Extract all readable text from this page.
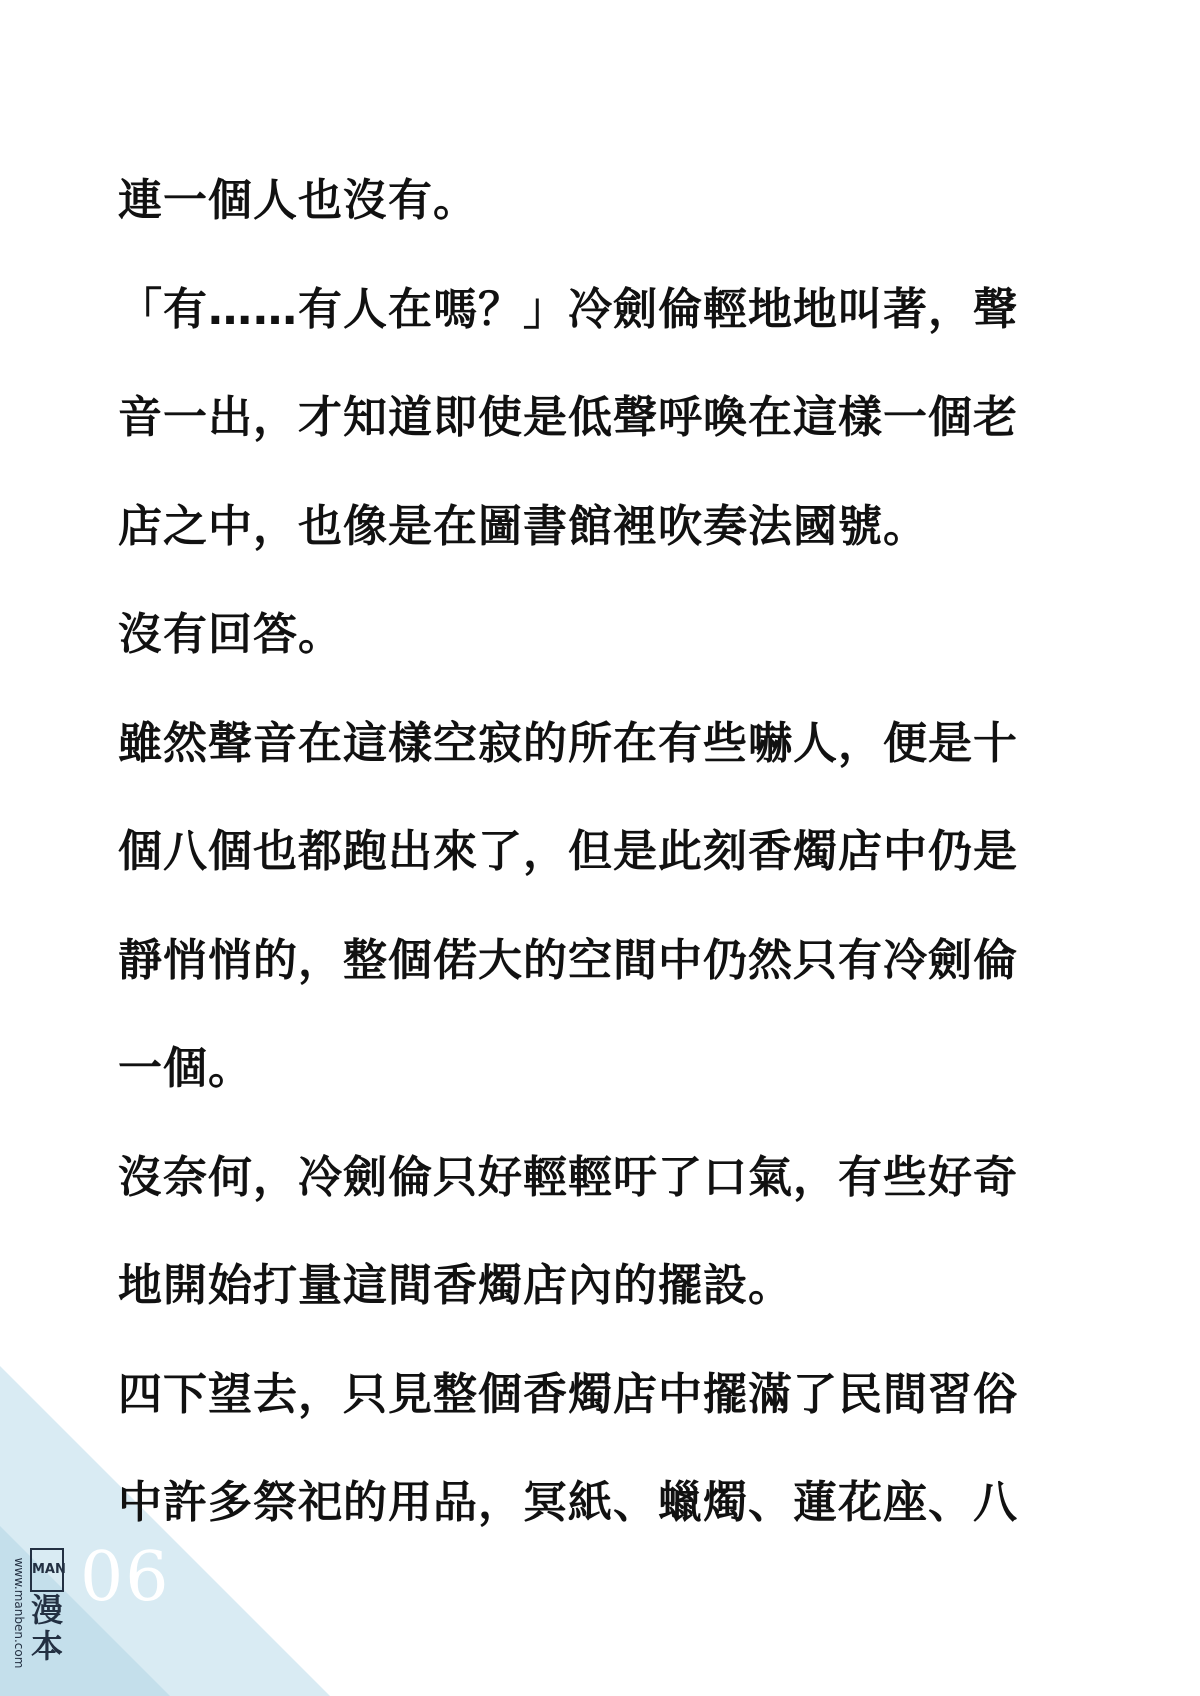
連一個人也沒有。
「有……有人在嗎？」冷劍倫輕地地叫著，聲
音一出，才知道即使是低聲呼喚在這樣一個老
店之中，也像是在圖書館裡吹奏法國號。
沒有回答。
雖然聲音在這樣空寂的所在有些嚇人，便是十
個八個也都跑出來了，但是此刻香燭店中仍是
靜悄悄的，整個偌大的空間中仍然只有冷劍倫
一個。
沒奈何，冷劍倫只好輕輕吁了口氣，有些好奇
地開始打量這間香燭店內的擺設。
四下望去，只見整個香燭店中擺滿了民間習俗
中許多祭祀的用品，冥紙、蠟燭、蓮花座、八
06
www.manben.com MAN
漫
本
